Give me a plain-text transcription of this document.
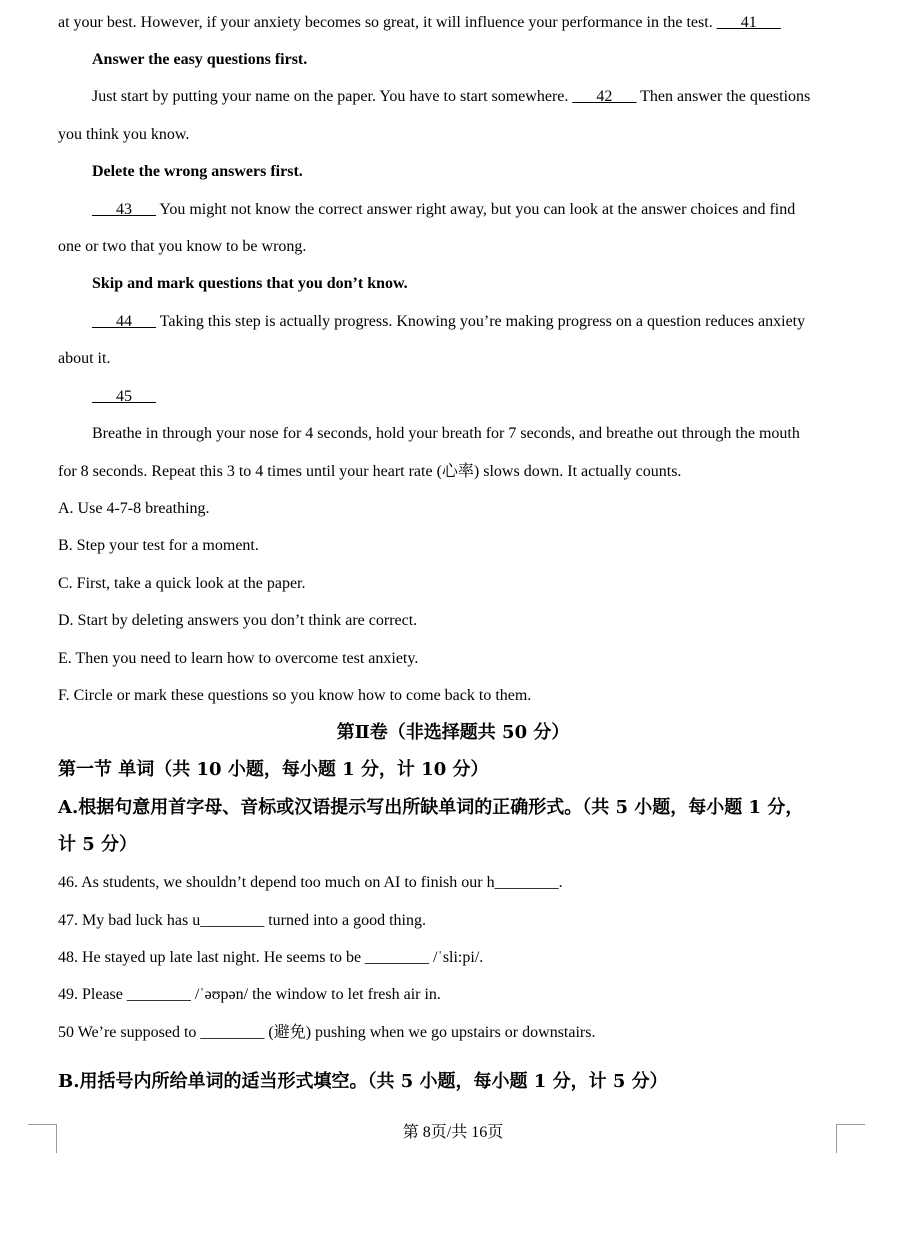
at your best. However, if your anxiety becomes so great, it will influence your performance in the test. ___41___
Answer the easy questions first.
Just start by putting your name on the paper. You have to start somewhere. ___42___ Then answer the questions
you think you know.
Delete the wrong answers first.
___43___ You might not know the correct answer right away, but you can look at the answer choices and find
one or two that you know to be wrong.
Skip and mark questions that you don’t know.
___44___ Taking this step is actually progress. Knowing you’re making progress on a question reduces anxiety
about it.
___45___
Breathe in through your nose for 4 seconds, hold your breath for 7 seconds, and breathe out through the mouth
for 8 seconds. Repeat this 3 to 4 times until your heart rate (心率) slows down. It actually counts.
A. Use 4-7-8 breathing.
B. Step your test for a moment.
C. First, take a quick look at the paper.
D. Start by deleting answers you don’t think are correct.
E. Then you need to learn how to overcome test anxiety.
F. Circle or mark these questions so you know how to come back to them.
第Ⅱ卷（非选择题共 50 分）
第一节 单词（共 10 小题，每小题 1 分，计 10 分）
A.根据句意用首字母、音标或汉语提示写出所缺单词的正确形式。（共 5 小题，每小题 1 分，
计 5 分）
46. As students, we shouldn’t depend too much on AI to finish our h________.
47. My bad luck has u________ turned into a good thing.
48. He stayed up late last night. He seems to be ________ /ˈsli:pi/.
49. Please ________ /ˈəʊpən/ the window to let fresh air in.
50 We’re supposed to ________ (避免) pushing when we go upstairs or downstairs.
B.用括号内所给单词的适当形式填空。（共 5 小题，每小题 1 分，计 5 分）
第 8页/共 16页
